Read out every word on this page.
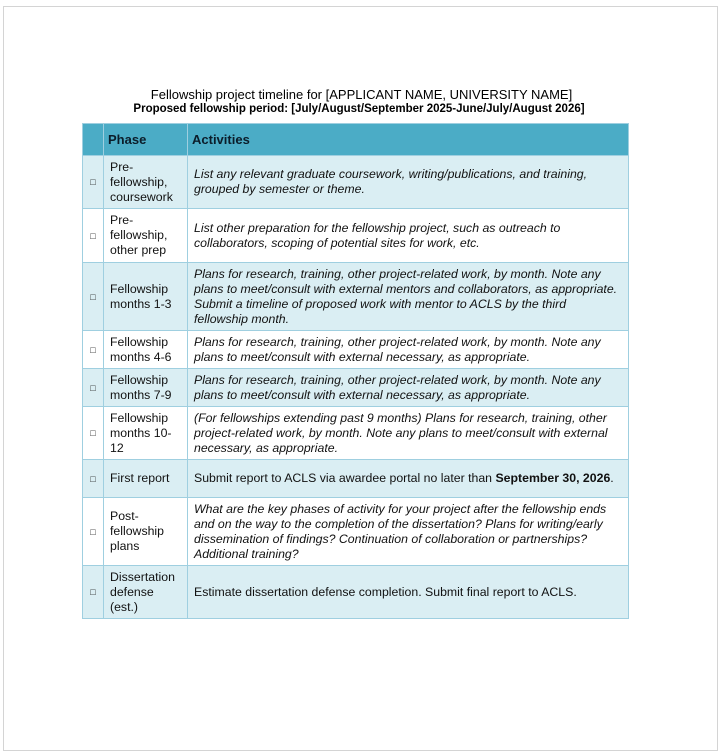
Fellowship project timeline for [APPLICANT NAME, UNIVERSITY NAME]
Proposed fellowship period: [July/August/September 2025-June/July/August 2026]
	Phase	Activities
□	Pre-fellowship, coursework	List any relevant graduate coursework, writing/publications, and training, grouped by semester or theme.
□	Pre-fellowship, other prep	List other preparation for the fellowship project, such as outreach to collaborators, scoping of potential sites for work, etc.
□	Fellowship months 1-3	Plans for research, training, other project-related work, by month. Note any plans to meet/consult with external mentors and collaborators, as appropriate. Submit a timeline of proposed work with mentor to ACLS by the third fellowship month.
□	Fellowship months 4-6	Plans for research, training, other project-related work, by month. Note any plans to meet/consult with external necessary, as appropriate.
□	Fellowship months 7-9	Plans for research, training, other project-related work, by month. Note any plans to meet/consult with external necessary, as appropriate.
□	Fellowship months 10-12	(For fellowships extending past 9 months) Plans for research, training, other project-related work, by month. Note any plans to meet/consult with external necessary, as appropriate.
□	First report	Submit report to ACLS via awardee portal no later than September 30, 2026.
□	Post-fellowship plans	What are the key phases of activity for your project after the fellowship ends and on the way to the completion of the dissertation? Plans for writing/early dissemination of findings? Continuation of collaboration or partnerships? Additional training?
□	Dissertation defense (est.)	Estimate dissertation defense completion. Submit final report to ACLS.
